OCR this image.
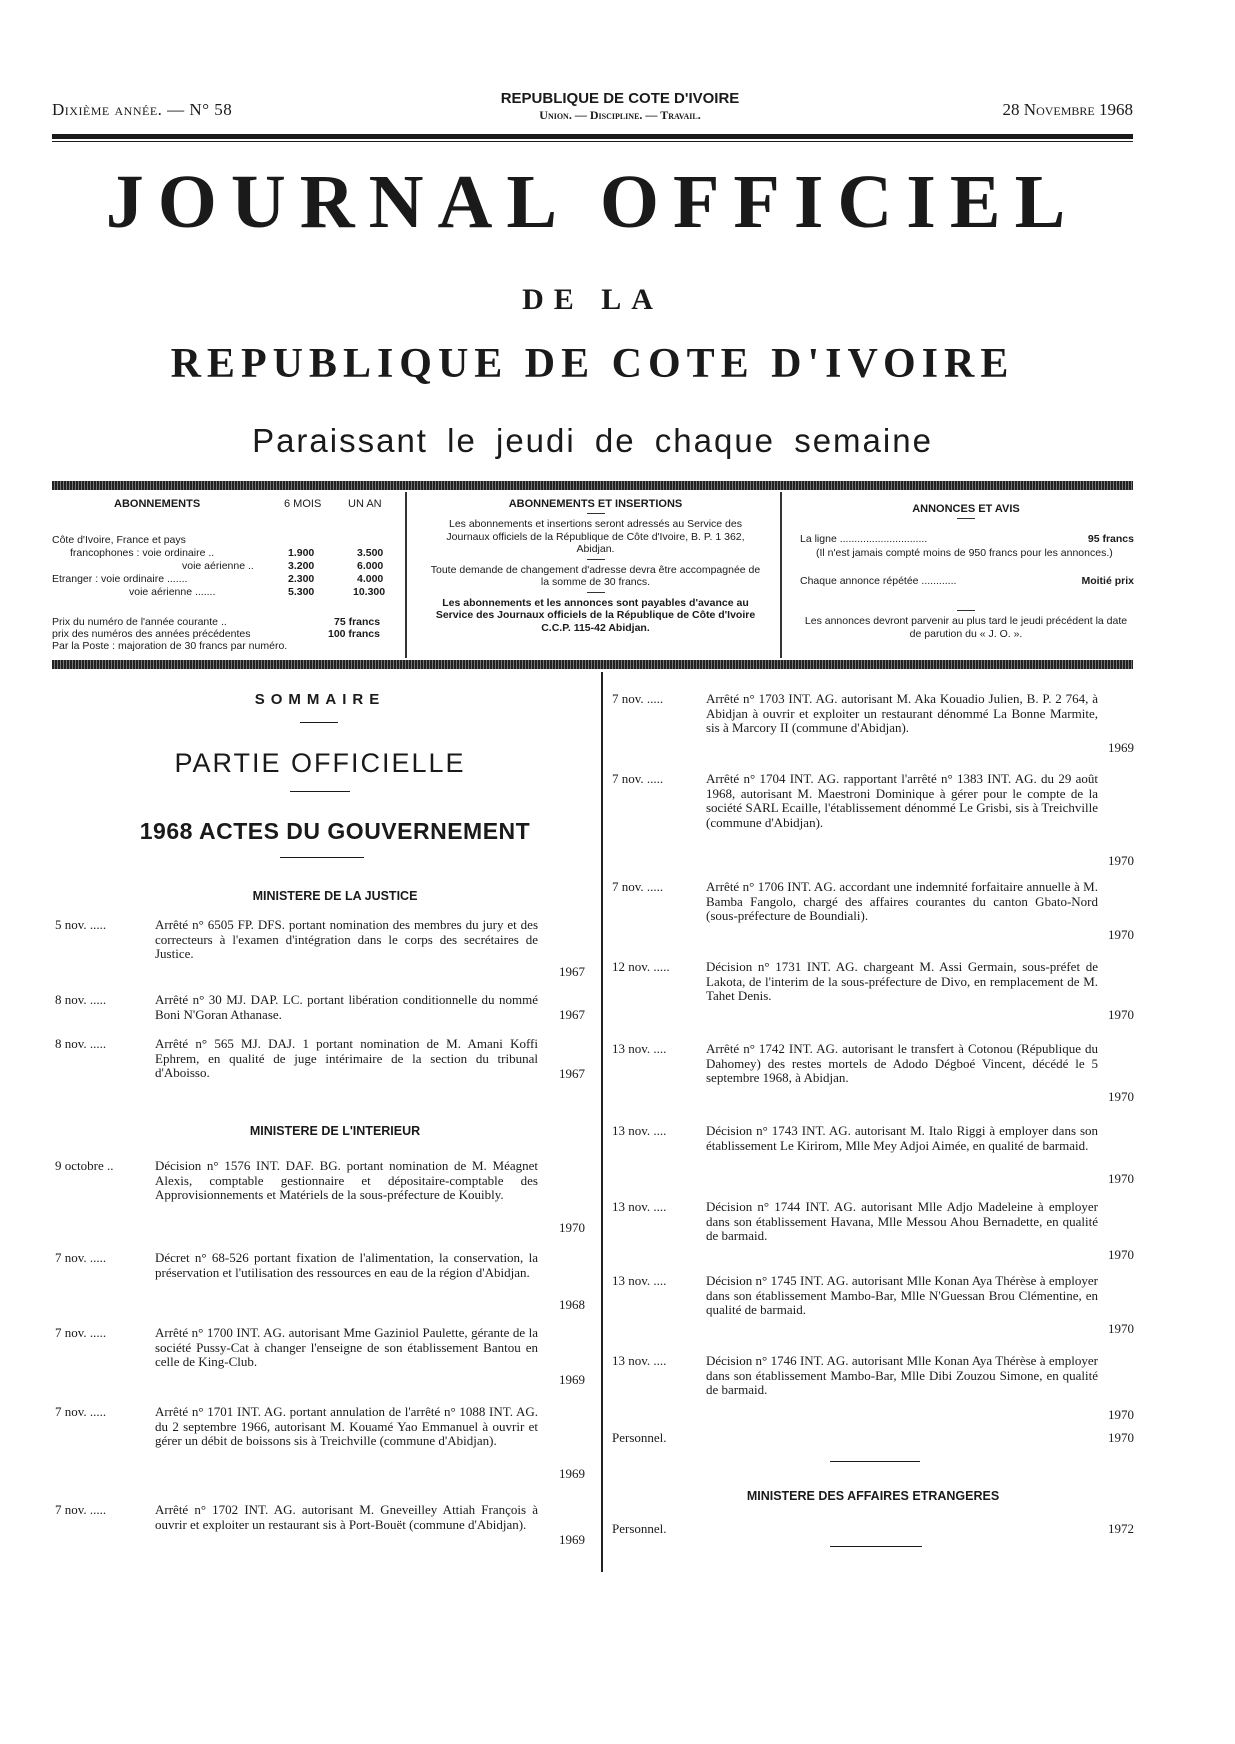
Dixième année. — N° 58
REPUBLIQUE DE COTE D'IVOIRE
Union. — Discipline. — Travail.	28 Novembre 1968
JOURNAL OFFICIEL
DE LA
REPUBLIQUE DE COTE D'IVOIRE
Paraissant le jeudi de chaque semaine
ABONNEMENTS	6 MOIS UN AN
Côte d'Ivoire, France et pays
francophones : voie ordinaire ..	1.900	3.500
voie aérienne ..	3.200	6.000
Etranger : voie ordinaire .......	2.300	4.000
voie aérienne .......	5.300	10.300
Prix du numéro de l'année courante ..	75 francs
prix des numéros des années précédentes	100 francs
Par la Poste : majoration de 30 francs par numéro.
ABONNEMENTS ET INSERTIONS
Les abonnements et insertions seront adressés au Service des Journaux officiels de la République de Côte d'Ivoire, B. P. 1 362, Abidjan.
Toute demande de changement d'adresse devra être accompagnée de la somme de 30 francs.
Les abonnements et les annonces sont payables d'avance au Service des Journaux officiels de la République de Côte d'Ivoire C.C.P. 115-42 Abidjan.
ANNONCES ET AVIS
La ligne ..............................	95 francs
(Il n'est jamais compté moins de 950 francs pour les annonces.)
Chaque annonce répétée ............	Moitié prix
Les annonces devront parvenir au plus tard le jeudi précédent la date de parution du « J. O. ».
SOMMAIRE
PARTIE OFFICIELLE
1968 ACTES DU GOUVERNEMENT
MINISTERE DE LA JUSTICE
5 nov. .....	Arrêté n° 6505 FP. DFS. portant nomination des membres du jury et des correcteurs à l'examen d'intégration dans le corps des secrétaires de Justice.
1967
8 nov. .....	Arrêté n° 30 MJ. DAP. LC. portant libération conditionnelle du nommé Boni N'Goran Athanase.	1967
8 nov. .....	Arrêté n° 565 MJ. DAJ. 1 portant nomination de M. Amani Koffi Ephrem, en qualité de juge intérimaire de la section du tribunal d'Aboisso.	1967
MINISTERE DE L'INTERIEUR
9 octobre ..	Décision n° 1576 INT. DAF. BG. portant nomination de M. Méagnet Alexis, comptable gestionnaire et dépositaire-comptable des Approvisionnements et Matériels de la sous-préfecture de Kouibly.
1970
7 nov. .....	Décret n° 68-526 portant fixation de l'alimentation, la conservation, la préservation et l'utilisation des ressources en eau de la région d'Abidjan.
1968
7 nov. .....	Arrêté n° 1700 INT. AG. autorisant Mme Gaziniol Paulette, gérante de la société Pussy-Cat à changer l'enseigne de son établissement Bantou en celle de King-Club.
1969
7 nov. .....	Arrêté n° 1701 INT. AG. portant annulation de l'arrêté n° 1088 INT. AG. du 2 septembre 1966, autorisant M. Kouamé Yao Emmanuel à ouvrir et gérer un débit de boissons sis à Treichville (commune d'Abidjan).
1969
7 nov. .....	Arrêté n° 1702 INT. AG. autorisant M. Gneveilley Attiah François à ouvrir et exploiter un restaurant sis à Port-Bouët (commune d'Abidjan).
1969
7 nov. .....	Arrêté n° 1703 INT. AG. autorisant M. Aka Kouadio Julien, B. P. 2 764, à Abidjan à ouvrir et exploiter un restaurant dénommé La Bonne Marmite, sis à Marcory II (commune d'Abidjan).
1969
7 nov. .....	Arrêté n° 1704 INT. AG. rapportant l'arrêté n° 1383 INT. AG. du 29 août 1968, autorisant M. Maestroni Dominique à gérer pour le compte de la société SARL Ecaille, l'établissement dénommé Le Grisbi, sis à Treichville (commune d'Abidjan).
1970
7 nov. .....	Arrêté n° 1706 INT. AG. accordant une indemnité forfaitaire annuelle à M. Bamba Fangolo, chargé des affaires courantes du canton Gbato-Nord (sous-préfecture de Boundiali).
1970
12 nov. .....	Décision n° 1731 INT. AG. chargeant M. Assi Germain, sous-préfet de Lakota, de l'interim de la sous-préfecture de Divo, en remplacement de M. Tahet Denis.
1970
13 nov. ....	Arrêté n° 1742 INT. AG. autorisant le transfert à Cotonou (République du Dahomey) des restes mortels de Adodo Dégboé Vincent, décédé le 5 septembre 1968, à Abidjan.
1970
13 nov. ....	Décision n° 1743 INT. AG. autorisant M. Italo Riggi à employer dans son établissement Le Kirirom, Mlle Mey Adjoi Aimée, en qualité de barmaid.
1970
13 nov. ....	Décision n° 1744 INT. AG. autorisant Mlle Adjo Madeleine à employer dans son établissement Havana, Mlle Messou Ahou Bernadette, en qualité de barmaid.
1970
13 nov. ....	Décision n° 1745 INT. AG. autorisant Mlle Konan Aya Thérèse à employer dans son établissement Mambo-Bar, Mlle N'Guessan Brou Clémentine, en qualité de barmaid.
1970
13 nov. ....	Décision n° 1746 INT. AG. autorisant Mlle Konan Aya Thérèse à employer dans son établissement Mambo-Bar, Mlle Dibi Zouzou Simone, en qualité de barmaid.
1970
Personnel.	1970
MINISTERE DES AFFAIRES ETRANGERES
Personnel.	1972
